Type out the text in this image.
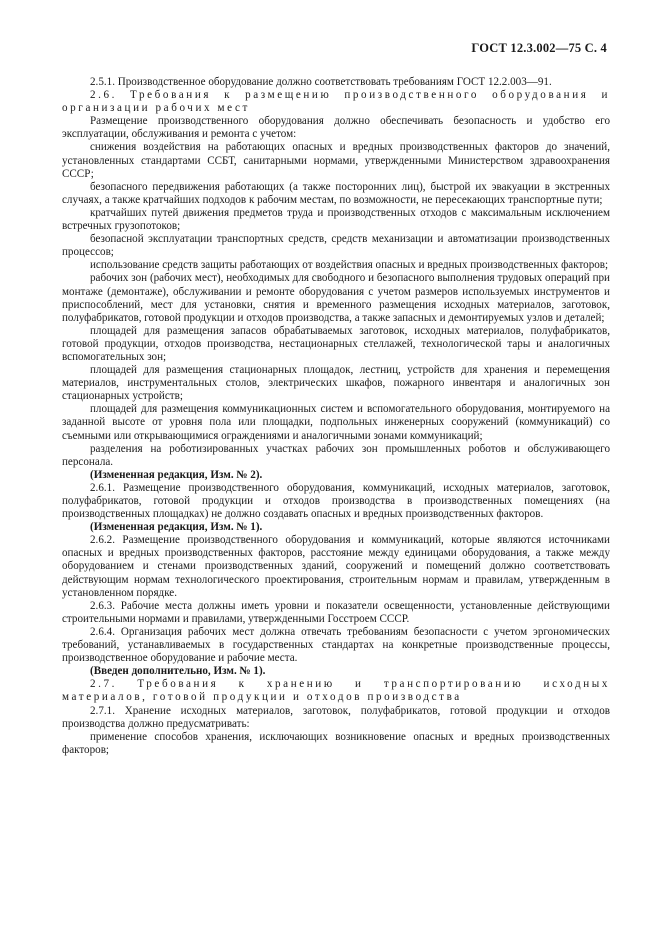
ГОСТ 12.3.002—75 С. 4

2.5.1. Производственное оборудование должно соответствовать требованиям ГОСТ 12.2.003—91.

2.6. Требования к размещению производственного оборудования и организации рабочих мест

Размещение производственного оборудования должно обеспечивать безопасность и удобство его эксплуатации, обслуживания и ремонта с учетом:

снижения воздействия на работающих опасных и вредных производственных факторов до значений, установленных стандартами ССБТ, санитарными нормами, утвержденными Министерством здравоохранения СССР;

безопасного передвижения работающих (а также посторонних лиц), быстрой их эвакуации в экстренных случаях, а также кратчайших подходов к рабочим местам, по возможности, не пересекающих транспортные пути;

кратчайших путей движения предметов труда и производственных отходов с максимальным исключением встречных грузопотоков;

безопасной эксплуатации транспортных средств, средств механизации и автоматизации производственных процессов;

использование средств защиты работающих от воздействия опасных и вредных производственных факторов;

рабочих зон (рабочих мест), необходимых для свободного и безопасного выполнения трудовых операций при монтаже (демонтаже), обслуживании и ремонте оборудования с учетом размеров используемых инструментов и приспособлений, мест для установки, снятия и временного размещения исходных материалов, заготовок, полуфабрикатов, готовой продукции и отходов производства, а также запасных и демонтируемых узлов и деталей;

площадей для размещения запасов обрабатываемых заготовок, исходных материалов, полуфабрикатов, готовой продукции, отходов производства, нестационарных стеллажей, технологической тары и аналогичных вспомогательных зон;

площадей для размещения стационарных площадок, лестниц, устройств для хранения и перемещения материалов, инструментальных столов, электрических шкафов, пожарного инвентаря и аналогичных зон стационарных устройств;

площадей для размещения коммуникационных систем и вспомогательного оборудования, монтируемого на заданной высоте от уровня пола или площадки, подпольных инженерных сооружений (коммуникаций) со съемными или открывающимися ограждениями и аналогичными зонами коммуникаций;

разделения на роботизированных участках рабочих зон промышленных роботов и обслуживающего персонала.

(Измененная редакция, Изм. № 2).

2.6.1. Размещение производственного оборудования, коммуникаций, исходных материалов, заготовок, полуфабрикатов, готовой продукции и отходов производства в производственных помещениях (на производственных площадках) не должно создавать опасных и вредных производственных факторов.

(Измененная редакция, Изм. № 1).

2.6.2. Размещение производственного оборудования и коммуникаций, которые являются источниками опасных и вредных производственных факторов, расстояние между единицами оборудования, а также между оборудованием и стенами производственных зданий, сооружений и помещений должно соответствовать действующим нормам технологического проектирования, строительным нормам и правилам, утвержденным в установленном порядке.

2.6.3. Рабочие места должны иметь уровни и показатели освещенности, установленные действующими строительными нормами и правилами, утвержденными Госстроем СССР.

2.6.4. Организация рабочих мест должна отвечать требованиям безопасности с учетом эргономических требований, устанавливаемых в государственных стандартах на конкретные производственные процессы, производственное оборудование и рабочие места.

(Введен дополнительно, Изм. № 1).

2.7. Требования к хранению и транспортированию исходных материалов, готовой продукции и отходов производства

2.7.1. Хранение исходных материалов, заготовок, полуфабрикатов, готовой продукции и отходов производства должно предусматривать:

применение способов хранения, исключающих возникновение опасных и вредных производственных факторов;
